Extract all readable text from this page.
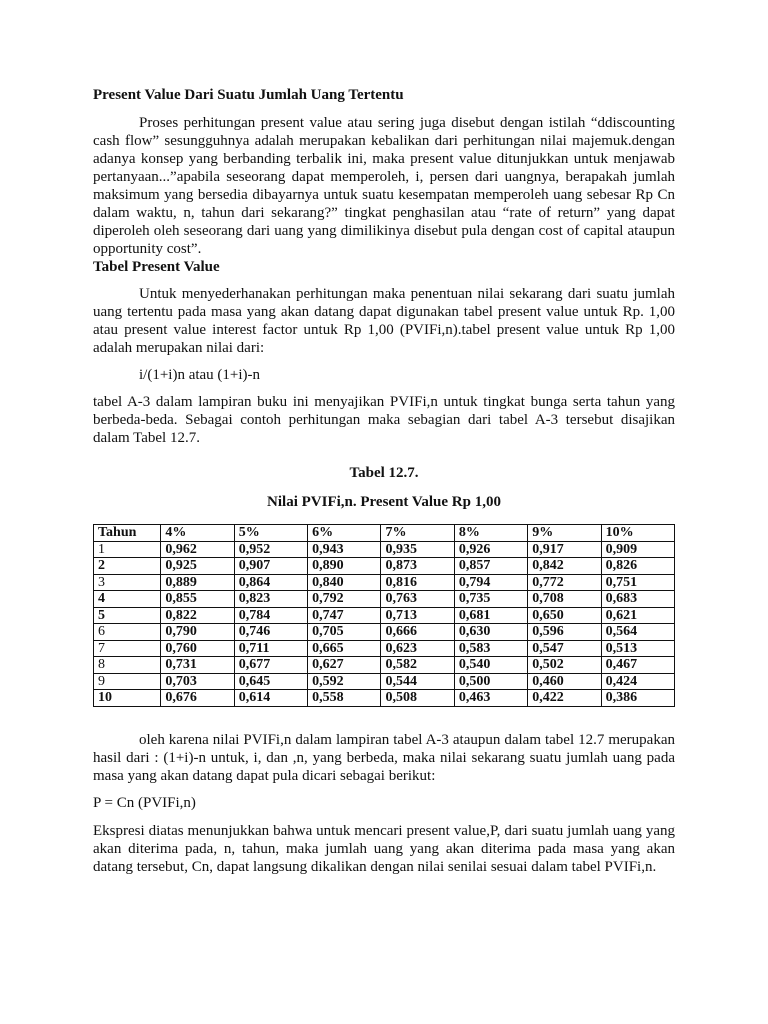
Present Value Dari Suatu Jumlah Uang Tertentu

Proses perhitungan present value atau sering juga disebut dengan istilah “ddiscounting cash flow” sesungguhnya adalah merupakan kebalikan dari perhitungan nilai majemuk.dengan adanya konsep yang berbanding terbalik ini, maka present value ditunjukkan untuk menjawab pertanyaan...”apabila seseorang dapat memperoleh, i, persen dari uangnya, berapakah jumlah maksimum yang bersedia dibayarnya untuk suatu kesempatan memperoleh uang sebesar Rp Cn dalam waktu, n, tahun dari sekarang?” tingkat penghasilan atau “rate of return” yang dapat diperoleh oleh seseorang dari uang yang dimilikinya disebut pula dengan cost of capital ataupun opportunity cost”.

Tabel Present Value

Untuk menyederhanakan perhitungan maka penentuan nilai sekarang dari suatu jumlah uang tertentu pada masa yang akan datang dapat digunakan tabel present value untuk Rp. 1,00 atau present value interest factor untuk Rp 1,00 (PVIFi,n).tabel present value untuk Rp 1,00 adalah merupakan nilai dari:

i/(1+i)n atau (1+i)-n

tabel A-3 dalam lampiran buku ini menyajikan PVIFi,n untuk tingkat bunga serta tahun yang berbeda-beda. Sebagai contoh perhitungan maka sebagian dari tabel A-3 tersebut disajikan dalam Tabel 12.7.

Tabel 12.7.

Nilai PVIFi,n. Present Value Rp 1,00

Tahun	4%	5%	6%	7%	8%	9%	10%
1	0,962	0,952	0,943	0,935	0,926	0,917	0,909
2	0,925	0,907	0,890	0,873	0,857	0,842	0,826
3	0,889	0,864	0,840	0,816	0,794	0,772	0,751
4	0,855	0,823	0,792	0,763	0,735	0,708	0,683
5	0,822	0,784	0,747	0,713	0,681	0,650	0,621
6	0,790	0,746	0,705	0,666	0,630	0,596	0,564
7	0,760	0,711	0,665	0,623	0,583	0,547	0,513
8	0,731	0,677	0,627	0,582	0,540	0,502	0,467
9	0,703	0,645	0,592	0,544	0,500	0,460	0,424
10	0,676	0,614	0,558	0,508	0,463	0,422	0,386

oleh karena nilai PVIFi,n dalam lampiran tabel A-3 ataupun dalam tabel 12.7 merupakan hasil dari : (1+i)-n untuk, i, dan ,n, yang berbeda, maka nilai sekarang suatu jumlah uang pada masa yang akan datang dapat pula dicari sebagai berikut:

P = Cn (PVIFi,n)

Ekspresi diatas menunjukkan bahwa untuk mencari present value,P, dari suatu jumlah uang yang akan diterima pada, n, tahun, maka jumlah uang yang akan diterima pada masa yang akan datang tersebut, Cn, dapat langsung dikalikan dengan nilai senilai sesuai dalam tabel PVIFi,n.
